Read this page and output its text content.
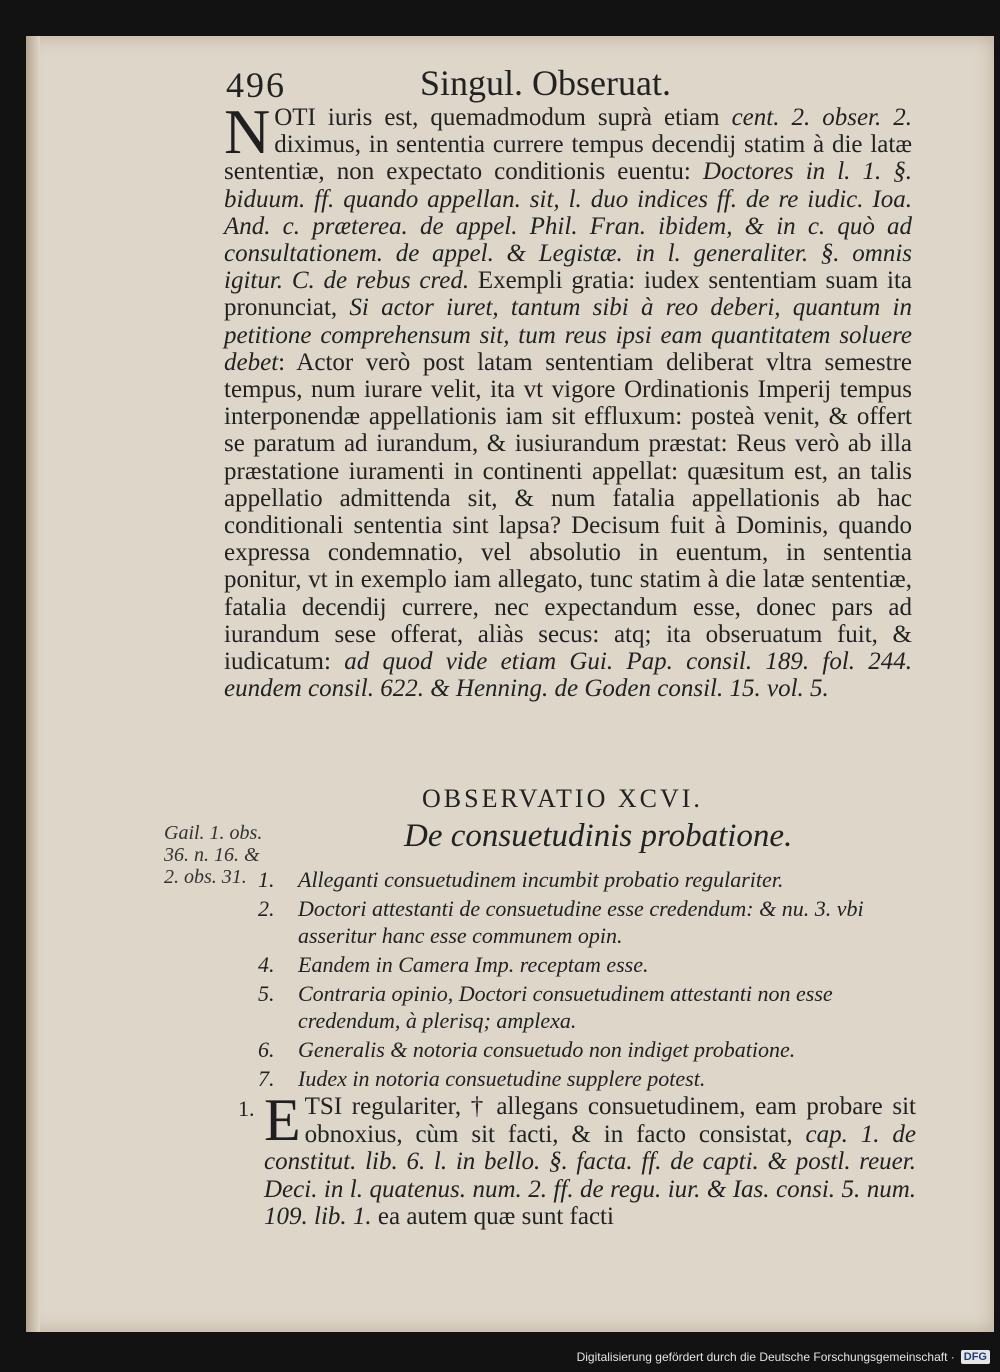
496	Singul. Obseruat.

NOTI iuris est, quemadmodum suprà etiam cent. 2. obser. 2. diximus, in sententia currere tempus decendij statim à die latæ sententiæ, non expectato conditionis euentu: Doctores in l. 1. §. biduum. ff. quando appellan. sit, l. duo indices ff. de re iudic. Ioa. And. c. præterea. de appel. Phil. Fran. ibidem, & in c. quò ad consultationem. de appel. & Legistæ. in l. generaliter. §. omnis igitur. C. de rebus cred. Exempli gratia: iudex sententiam suam ita pronunciat, Si actor iuret, tantum sibi à reo deberi, quantum in petitione comprehensum sit, tum reus ipsi eam quantitatem soluere debet: Actor verò post latam sententiam deliberat vltra semestre tempus, num iurare velit, ita vt vigore Ordinationis Imperij tempus interponendæ appellationis iam sit effluxum: posteà venit, & offert se paratum ad iurandum, & iusiurandum præstat: Reus verò ab illa præstatione iuramenti in continenti appellat: quæsitum est, an talis appellatio admittenda sit, & num fatalia appellationis ab hac conditionali sententia sint lapsa? Decisum fuit à Dominis, quando expressa condemnatio, vel absolutio in euentum, in sententia ponitur, vt in exemplo iam allegato, tunc statim à die latæ sententiæ, fatalia decendij currere, nec expectandum esse, donec pars ad iurandum sese offerat, aliàs secus: atq; ita obseruatum fuit, & iudicatum: ad quod vide etiam Gui. Pap. consil. 189. fol. 244. eundem consil. 622. & Henning. de Goden consil. 15. vol. 5.

OBSERVATIO XCVI.
De consuetudinis probatione.
Gail. 1. obs.
36. n. 16. &
2. obs. 31. 1.	Alleganti consuetudinem incumbit probatio regulariter.
2.	Doctori attestanti de consuetudine esse credendum: & nu. 3. vbi asseritur hanc esse communem opin.
4.	Eandem in Camera Imp. receptam esse.
5.	Contraria opinio, Doctori consuetudinem attestanti non esse credendum, à plerisq; amplexa.
6.	Generalis & notoria consuetudo non indiget probatione.
7.	Iudex in notoria consuetudine supplere potest.
1. ETSI regulariter, † allegans consuetudinem, eam probare sit obnoxius, cùm sit facti, & in facto consistat, cap. 1. de constitut. lib. 6. l. in bello. §. facta. ff. de capti. & postl. reuer. Deci. in l. quatenus. num. 2. ff. de regu. iur. & Ias. consi. 5. num. 109. lib. 1. ea autem quæ sunt facti

Digitalisierung gefördert durch die Deutsche Forschungsgemeinschaft · DFG
